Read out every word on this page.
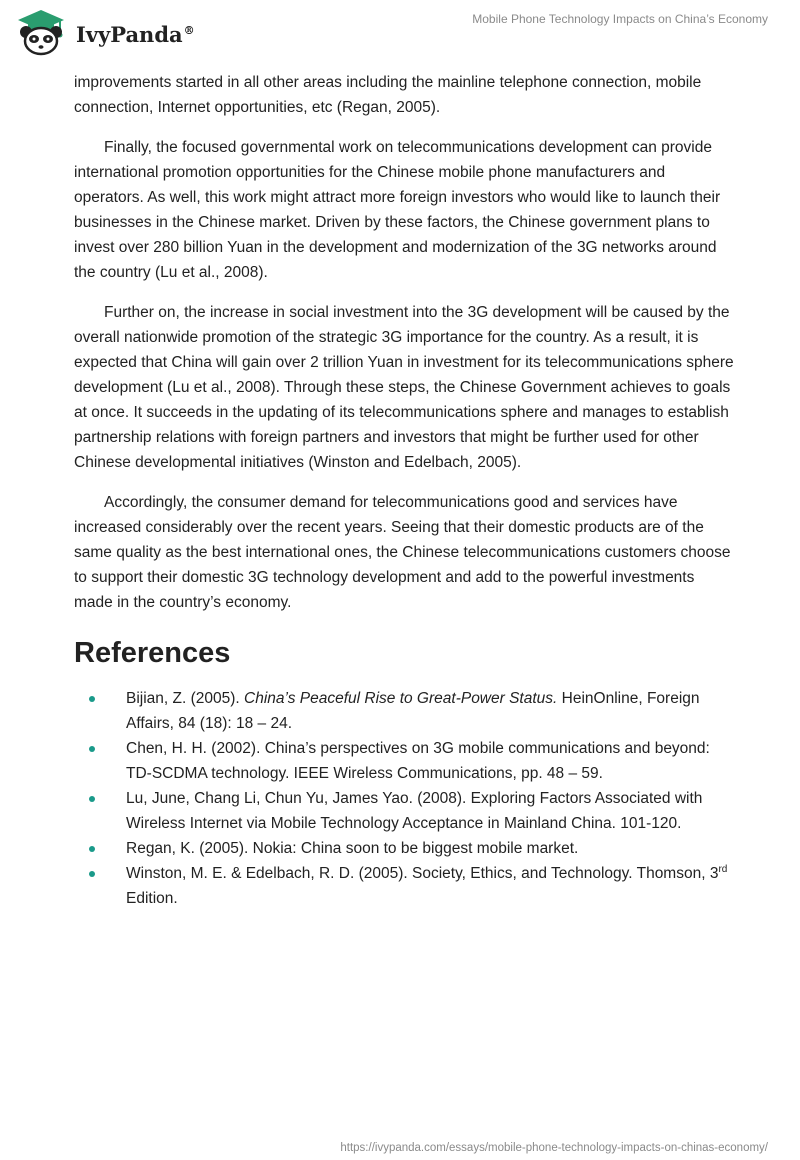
IvyPanda®
Mobile Phone Technology Impacts on China’s Economy

improvements started in all other areas including the mainline telephone connection, mobile connection, Internet opportunities, etc (Regan, 2005).

Finally, the focused governmental work on telecommunications development can provide international promotion opportunities for the Chinese mobile phone manufacturers and operators. As well, this work might attract more foreign investors who would like to launch their businesses in the Chinese market. Driven by these factors, the Chinese government plans to invest over 280 billion Yuan in the development and modernization of the 3G networks around the country (Lu et al., 2008).

Further on, the increase in social investment into the 3G development will be caused by the overall nationwide promotion of the strategic 3G importance for the country. As a result, it is expected that China will gain over 2 trillion Yuan in investment for its telecommunications sphere development (Lu et al., 2008). Through these steps, the Chinese Government achieves to goals at once. It succeeds in the updating of its telecommunications sphere and manages to establish partnership relations with foreign partners and investors that might be further used for other Chinese developmental initiatives (Winston and Edelbach, 2005).

Accordingly, the consumer demand for telecommunications good and services have increased considerably over the recent years. Seeing that their domestic products are of the same quality as the best international ones, the Chinese telecommunications customers choose to support their domestic 3G technology development and add to the powerful investments made in the country’s economy.

References
Bijian, Z. (2005). China’s Peaceful Rise to Great-Power Status. HeinOnline, Foreign Affairs, 84 (18): 18 – 24.
Chen, H. H. (2002). China’s perspectives on 3G mobile communications and beyond: TD-SCDMA technology. IEEE Wireless Communications, pp. 48 – 59.
Lu, June, Chang Li, Chun Yu, James Yao. (2008). Exploring Factors Associated with Wireless Internet via Mobile Technology Acceptance in Mainland China. 101-120.
Regan, K. (2005). Nokia: China soon to be biggest mobile market.
Winston, M. E. & Edelbach, R. D. (2005). Society, Ethics, and Technology. Thomson, 3rd Edition.
https://ivypanda.com/essays/mobile-phone-technology-impacts-on-chinas-economy/
